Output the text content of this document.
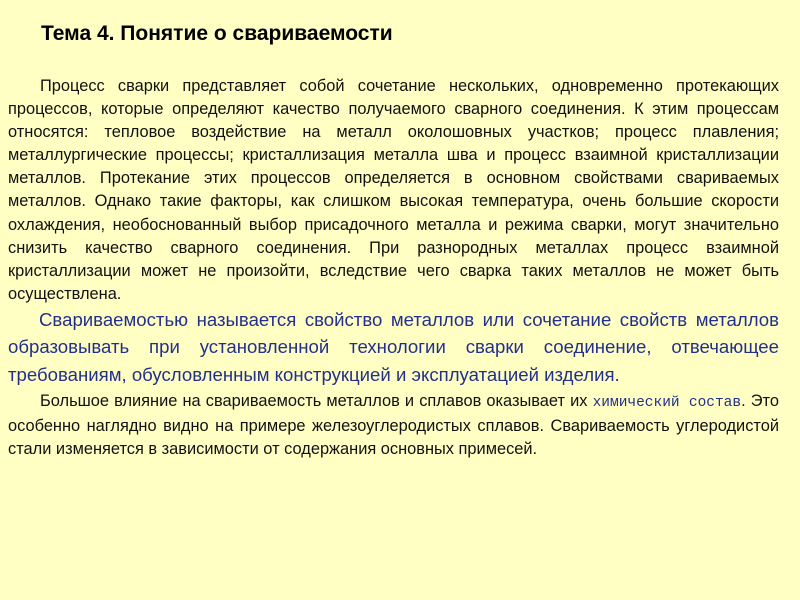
Тема 4. Понятие о свариваемости

Процесс сварки представляет собой сочетание нескольких, одновременно протекающих процессов, которые определяют качество получаемого сварного соединения. К этим процессам относятся: тепловое воздействие на металл околошовных участков; процесс плавления; металлургические процессы; кристаллизация металла шва и процесс взаимной кристаллизации металлов. Протекание этих процессов определяется в основном свойствами свариваемых металлов. Однако такие факторы, как слишком высокая температура, очень большие скорости охлаждения, необоснованный выбор присадочного металла и режима сварки, могут значительно снизить качество сварного соединения. При разнородных металлах процесс взаимной кристаллизации может не произойти, вследствие чего сварка таких металлов не может быть осуществлена.

Свариваемостью называется свойство металлов или сочетание свойств металлов образовывать при установленной технологии сварки соединение, отвечающее требованиям, обусловленным конструкцией и эксплуатацией изделия.

Большое влияние на свариваемость металлов и сплавов оказывает их химический состав. Это особенно наглядно видно на примере железоуглеродистых сплавов. Свариваемость углеродистой стали изменяется в зависимости от содержания основных примесей.
